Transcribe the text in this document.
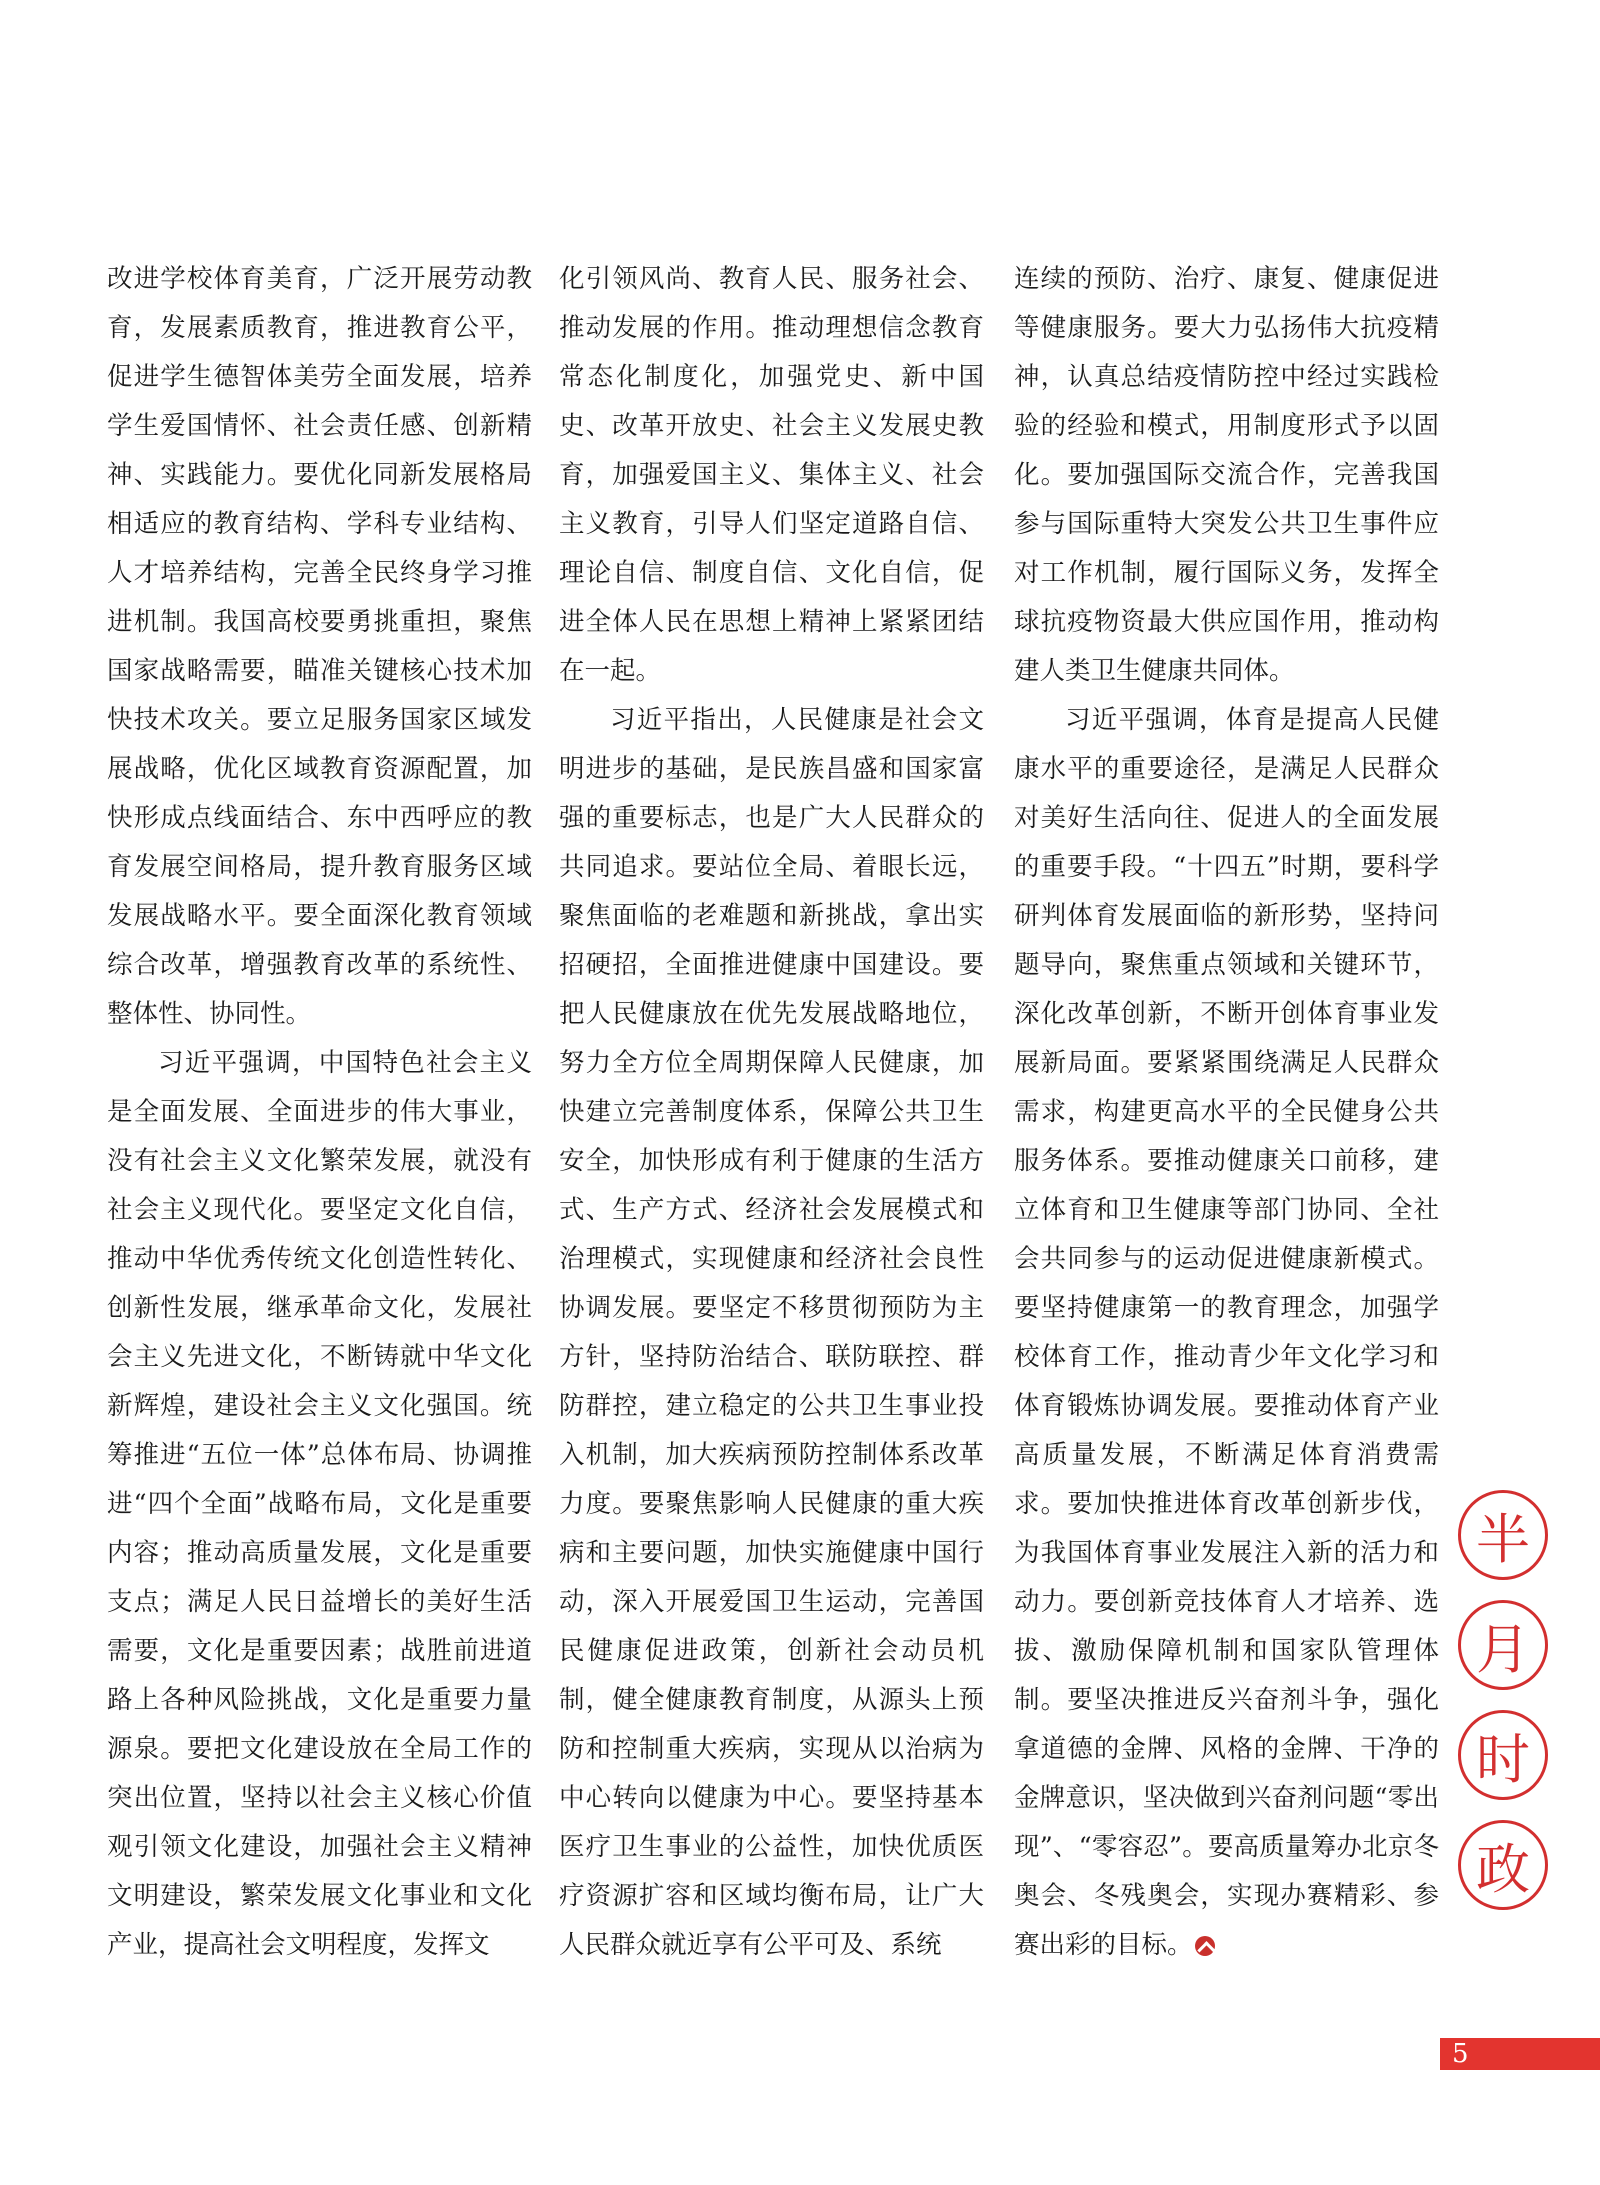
改进学校体育美育，广泛开展劳动教育，发展素质教育，推进教育公平，促进学生德智体美劳全面发展，培养学生爱国情怀、社会责任感、创新精神、实践能力。要优化同新发展格局相适应的教育结构、学科专业结构、人才培养结构，完善全民终身学习推进机制。我国高校要勇挑重担，聚焦国家战略需要，瞄准关键核心技术加快技术攻关。要立足服务国家区域发展战略，优化区域教育资源配置，加快形成点线面结合、东中西呼应的教育发展空间格局，提升教育服务区域发展战略水平。要全面深化教育领域综合改革，增强教育改革的系统性、整体性、协同性。

习近平强调，中国特色社会主义是全面发展、全面进步的伟大事业，没有社会主义文化繁荣发展，就没有社会主义现代化。要坚定文化自信，推动中华优秀传统文化创造性转化、创新性发展，继承革命文化，发展社会主义先进文化，不断铸就中华文化新辉煌，建设社会主义文化强国。统筹推进“五位一体”总体布局、协调推进“四个全面”战略布局，文化是重要内容；推动高质量发展，文化是重要支点；满足人民日益增长的美好生活需要，文化是重要因素；战胜前进道路上各种风险挑战，文化是重要力量源泉。要把文化建设放在全局工作的突出位置，坚持以社会主义核心价值观引领文化建设，加强社会主义精神文明建设，繁荣发展文化事业和文化产业，提高社会文明程度，发挥文

化引领风尚、教育人民、服务社会、推动发展的作用。推动理想信念教育常态化制度化，加强党史、新中国史、改革开放史、社会主义发展史教育，加强爱国主义、集体主义、社会主义教育，引导人们坚定道路自信、理论自信、制度自信、文化自信，促进全体人民在思想上精神上紧紧团结在一起。

习近平指出，人民健康是社会文明进步的基础，是民族昌盛和国家富强的重要标志，也是广大人民群众的共同追求。要站位全局、着眼长远，聚焦面临的老难题和新挑战，拿出实招硬招，全面推进健康中国建设。要把人民健康放在优先发展战略地位，努力全方位全周期保障人民健康，加快建立完善制度体系，保障公共卫生安全，加快形成有利于健康的生活方式、生产方式、经济社会发展模式和治理模式，实现健康和经济社会良性协调发展。要坚定不移贯彻预防为主方针，坚持防治结合、联防联控、群防群控，建立稳定的公共卫生事业投入机制，加大疾病预防控制体系改革力度。要聚焦影响人民健康的重大疾病和主要问题，加快实施健康中国行动，深入开展爱国卫生运动，完善国民健康促进政策，创新社会动员机制，健全健康教育制度，从源头上预防和控制重大疾病，实现从以治病为中心转向以健康为中心。要坚持基本医疗卫生事业的公益性，加快优质医疗资源扩容和区域均衡布局，让广大人民群众就近享有公平可及、系统

连续的预防、治疗、康复、健康促进等健康服务。要大力弘扬伟大抗疫精神，认真总结疫情防控中经过实践检验的经验和模式，用制度形式予以固化。要加强国际交流合作，完善我国参与国际重特大突发公共卫生事件应对工作机制，履行国际义务，发挥全球抗疫物资最大供应国作用，推动构建人类卫生健康共同体。

习近平强调，体育是提高人民健康水平的重要途径，是满足人民群众对美好生活向往、促进人的全面发展的重要手段。“十四五”时期，要科学研判体育发展面临的新形势，坚持问题导向，聚焦重点领域和关键环节，深化改革创新，不断开创体育事业发展新局面。要紧紧围绕满足人民群众需求，构建更高水平的全民健身公共服务体系。要推动健康关口前移，建立体育和卫生健康等部门协同、全社会共同参与的运动促进健康新模式。要坚持健康第一的教育理念，加强学校体育工作，推动青少年文化学习和体育锻炼协调发展。要推动体育产业高质量发展，不断满足体育消费需求。要加快推进体育改革创新步伐，为我国体育事业发展注入新的活力和动力。要创新竞技体育人才培养、选拔、激励保障机制和国家队管理体制。要坚决推进反兴奋剂斗争，强化拿道德的金牌、风格的金牌、干净的金牌意识，坚决做到兴奋剂问题“零出现”、“零容忍”。要高质量筹办北京冬奥会、冬残奥会，实现办赛精彩、参赛出彩的目标。

半
月
时
政
5
